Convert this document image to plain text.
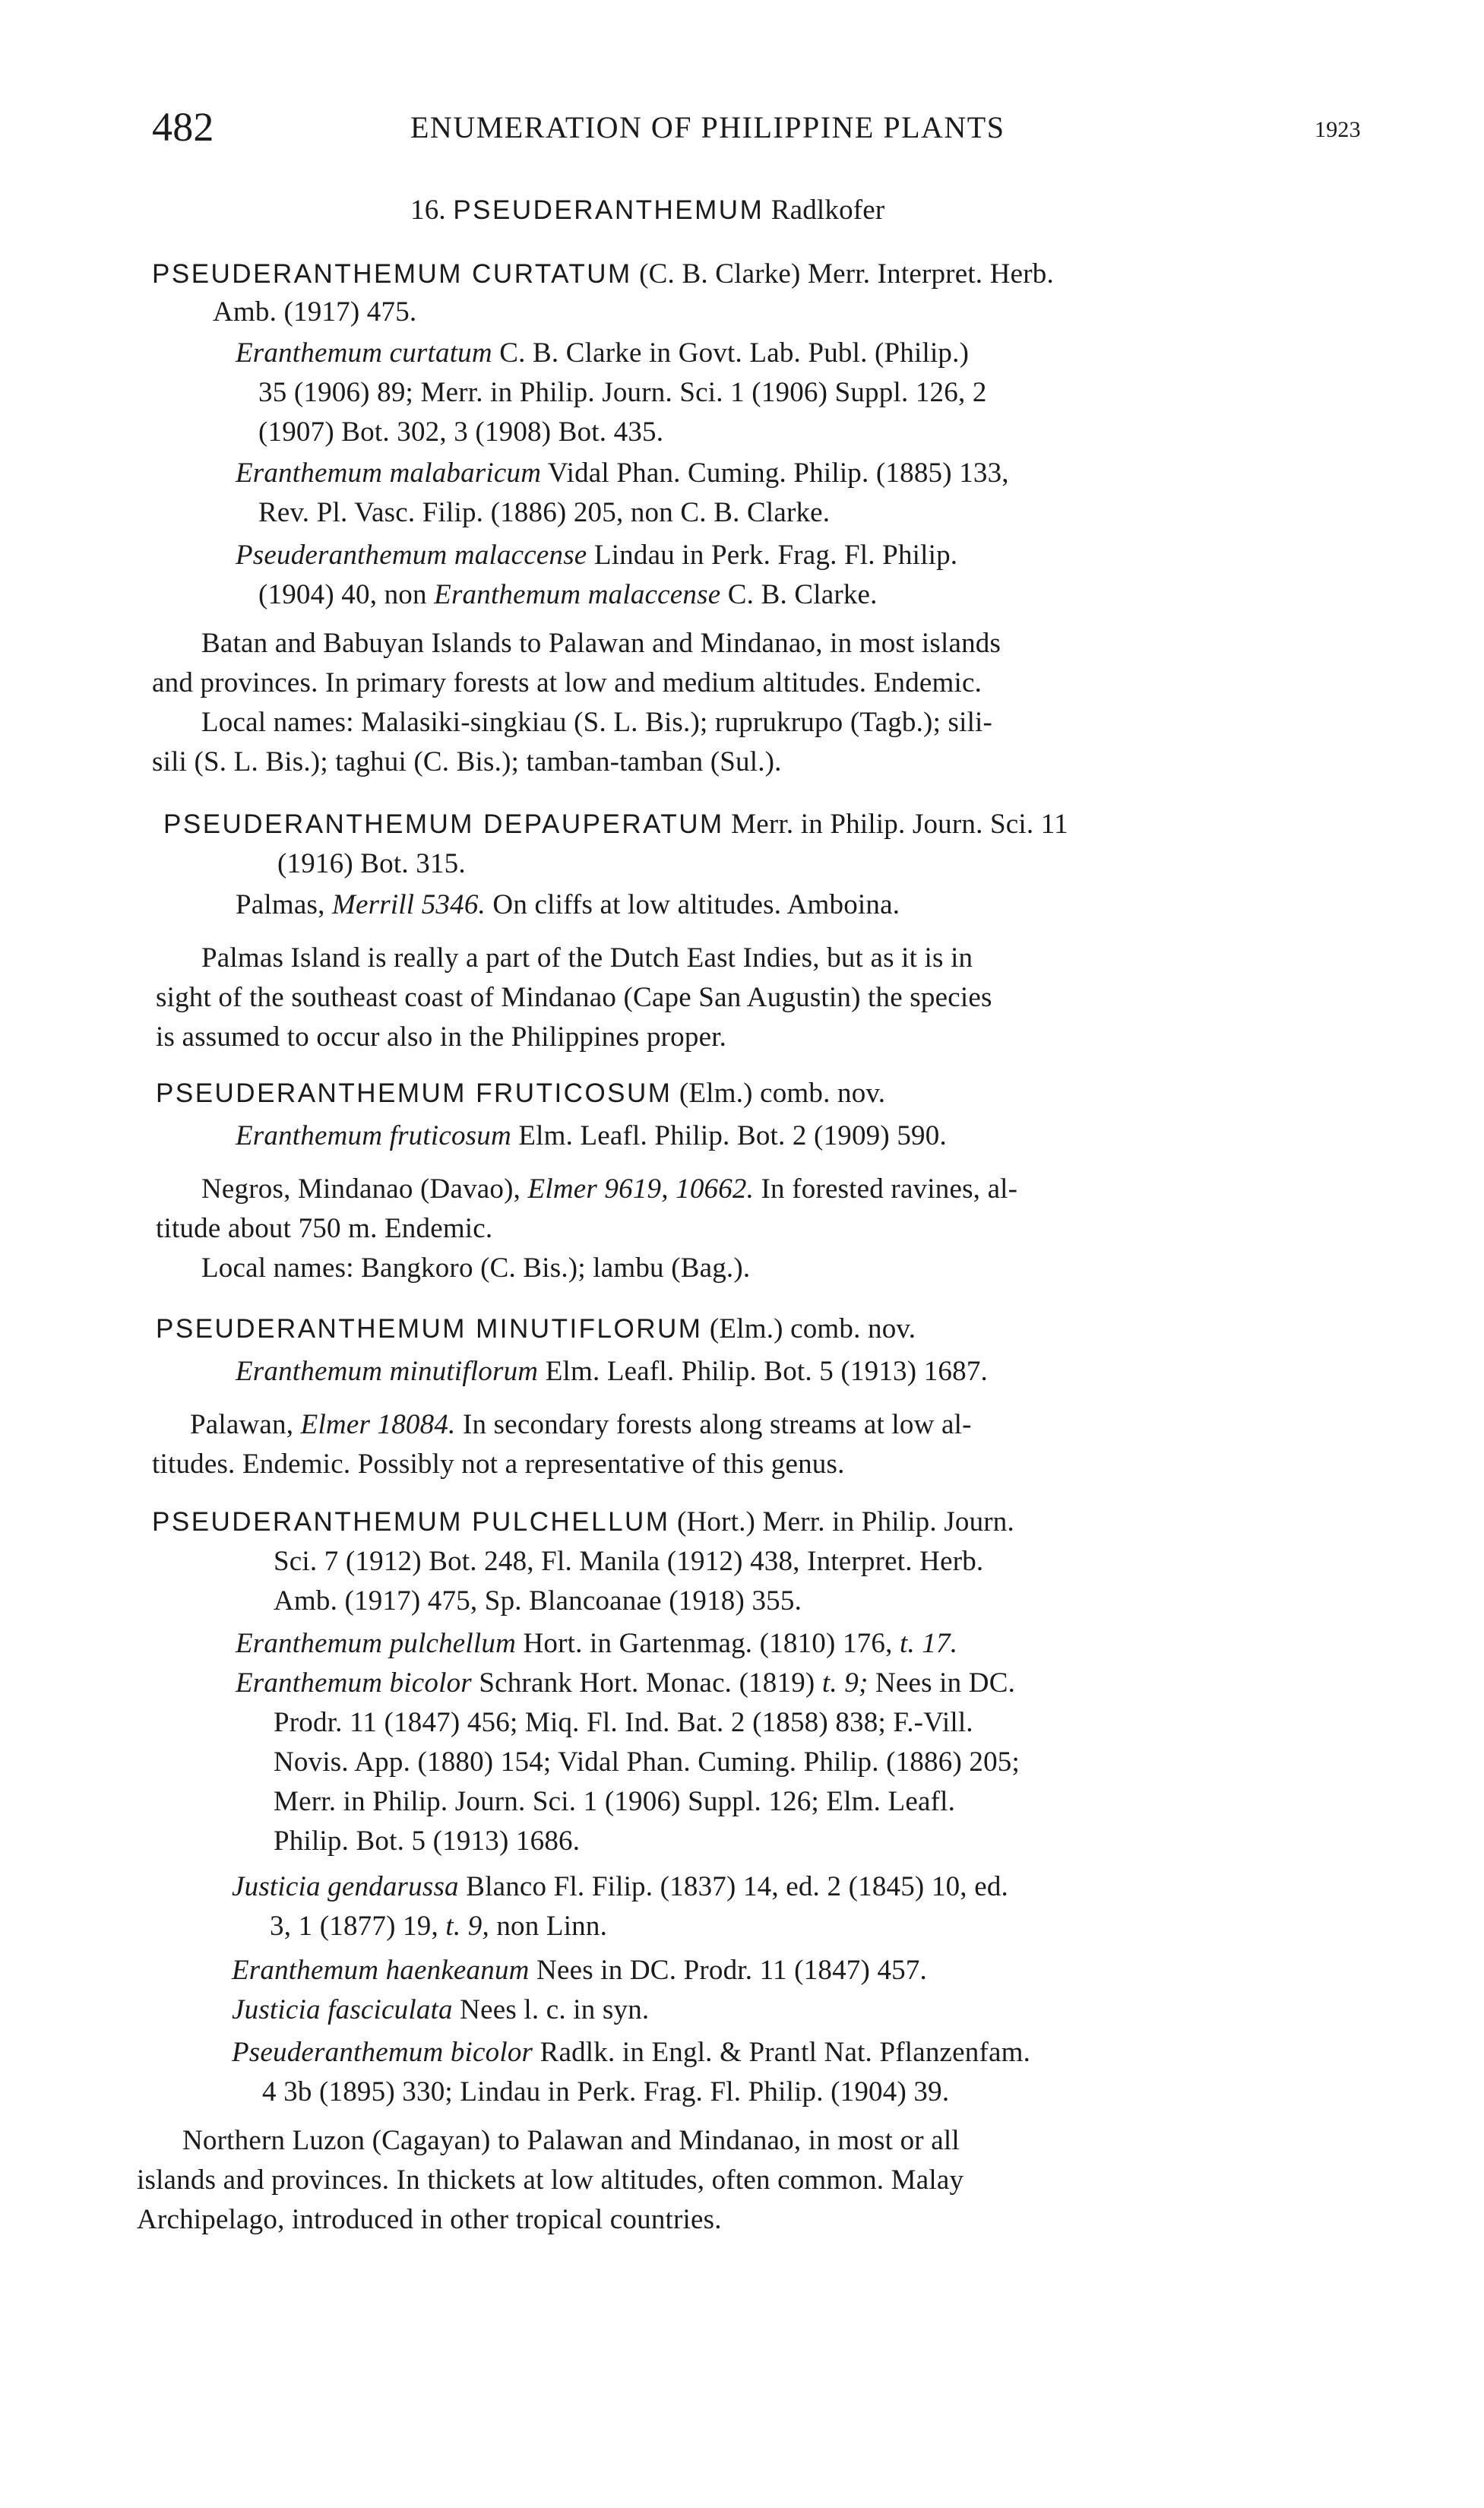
482	ENUMERATION OF PHILIPPINE PLANTS	1923
16. PSEUDERANTHEMUM Radlkofer
PSEUDERANTHEMUM CURTATUM (C. B. Clarke) Merr. Interpret. Herb.
Amb. (1917) 475.
Eranthemum curtatum C. B. Clarke in Govt. Lab. Publ. (Philip.)
35 (1906) 89; Merr. in Philip. Journ. Sci. 1 (1906) Suppl. 126, 2
(1907) Bot. 302, 3 (1908) Bot. 435.
Eranthemum malabaricum Vidal Phan. Cuming. Philip. (1885) 133,
Rev. Pl. Vasc. Filip. (1886) 205, non C. B. Clarke.
Pseuderanthemum malaccense Lindau in Perk. Frag. Fl. Philip.
(1904) 40, non Eranthemum malaccense C. B. Clarke.
Batan and Babuyan Islands to Palawan and Mindanao, in most islands
and provinces. In primary forests at low and medium altitudes. Endemic.
Local names: Malasiki-singkiau (S. L. Bis.); ruprukrupo (Tagb.); sili-
sili (S. L. Bis.); taghui (C. Bis.); tamban-tamban (Sul.).
PSEUDERANTHEMUM DEPAUPERATUM Merr. in Philip. Journ. Sci. 11
(1916) Bot. 315.
Palmas, Merrill 5346. On cliffs at low altitudes. Amboina.
Palmas Island is really a part of the Dutch East Indies, but as it is in
sight of the southeast coast of Mindanao (Cape San Augustin) the species
is assumed to occur also in the Philippines proper.
PSEUDERANTHEMUM FRUTICOSUM (Elm.) comb. nov.
Eranthemum fruticosum Elm. Leafl. Philip. Bot. 2 (1909) 590.
Negros, Mindanao (Davao), Elmer 9619, 10662. In forested ravines, al-
titude about 750 m. Endemic.
Local names: Bangkoro (C. Bis.); lambu (Bag.).
PSEUDERANTHEMUM MINUTIFLORUM (Elm.) comb. nov.
Eranthemum minutiflorum Elm. Leafl. Philip. Bot. 5 (1913) 1687.
Palawan, Elmer 18084. In secondary forests along streams at low al-
titudes. Endemic. Possibly not a representative of this genus.
PSEUDERANTHEMUM PULCHELLUM (Hort.) Merr. in Philip. Journ.
Sci. 7 (1912) Bot. 248, Fl. Manila (1912) 438, Interpret. Herb.
Amb. (1917) 475, Sp. Blancoanae (1918) 355.
Eranthemum pulchellum Hort. in Gartenmag. (1810) 176, t. 17.
Eranthemum bicolor Schrank Hort. Monac. (1819) t. 9; Nees in DC.
Prodr. 11 (1847) 456; Miq. Fl. Ind. Bat. 2 (1858) 838; F.-Vill.
Novis. App. (1880) 154; Vidal Phan. Cuming. Philip. (1886) 205;
Merr. in Philip. Journ. Sci. 1 (1906) Suppl. 126; Elm. Leafl.
Philip. Bot. 5 (1913) 1686.
Justicia gendarussa Blanco Fl. Filip. (1837) 14, ed. 2 (1845) 10, ed.
3, 1 (1877) 19, t. 9, non Linn.
Eranthemum haenkeanum Nees in DC. Prodr. 11 (1847) 457.
Justicia fasciculata Nees l. c. in syn.
Pseuderanthemum bicolor Radlk. in Engl. & Prantl Nat. Pflanzenfam.
4 3b (1895) 330; Lindau in Perk. Frag. Fl. Philip. (1904) 39.
Northern Luzon (Cagayan) to Palawan and Mindanao, in most or all
islands and provinces. In thickets at low altitudes, often common. Malay
Archipelago, introduced in other tropical countries.
